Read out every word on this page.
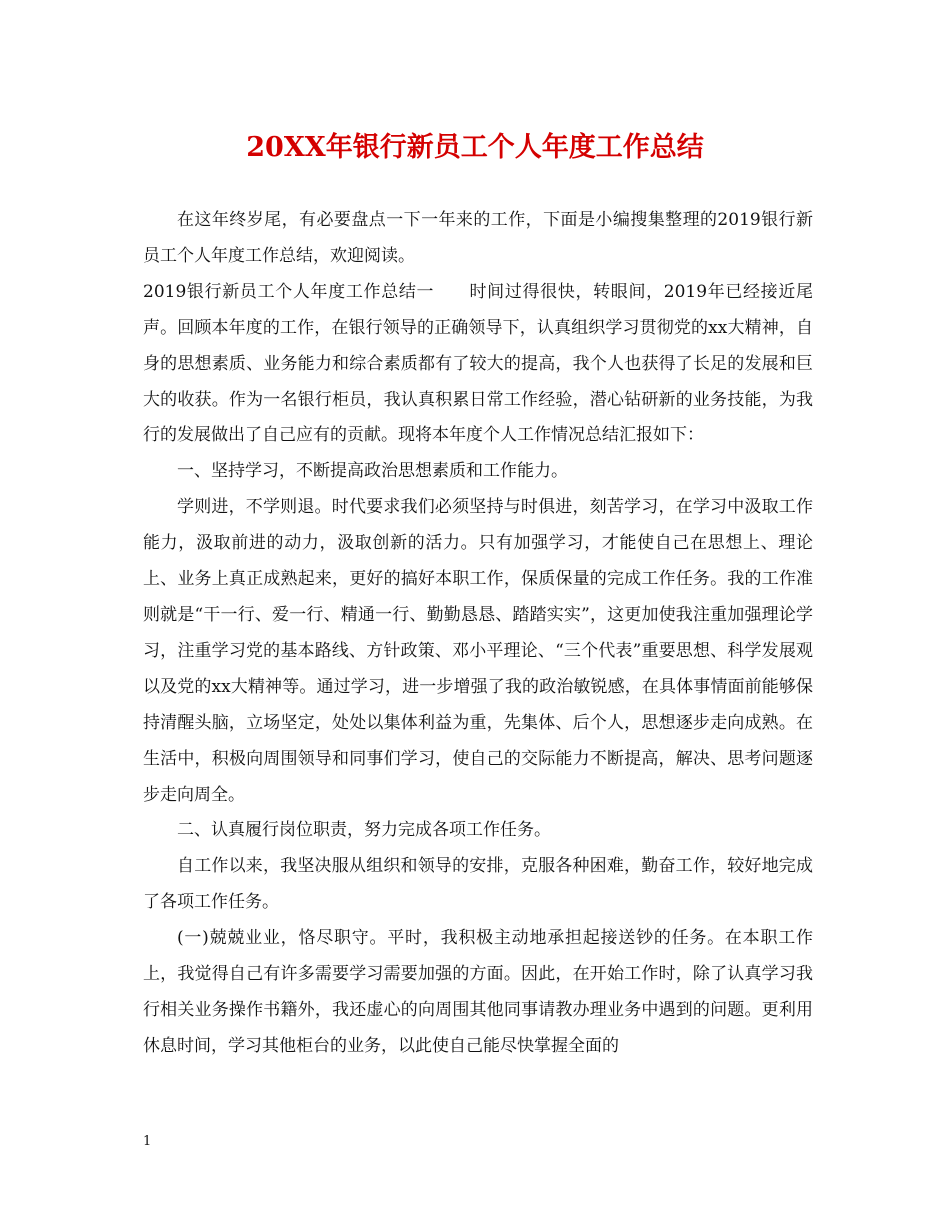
20XX年银行新员工个人年度工作总结

在这年终岁尾，有必要盘点一下一年来的工作，下面是小编搜集整理的2019银行新员工个人年度工作总结，欢迎阅读。

2019银行新员工个人年度工作总结一　　时间过得很快，转眼间，2019年已经接近尾声。回顾本年度的工作，在银行领导的正确领导下，认真组织学习贯彻党的xx大精神，自身的思想素质、业务能力和综合素质都有了较大的提高，我个人也获得了长足的发展和巨大的收获。作为一名银行柜员，我认真积累日常工作经验，潜心钻研新的业务技能，为我行的发展做出了自己应有的贡献。现将本年度个人工作情况总结汇报如下：

一、坚持学习，不断提高政治思想素质和工作能力。

学则进，不学则退。时代要求我们必须坚持与时俱进，刻苦学习，在学习中汲取工作能力，汲取前进的动力，汲取创新的活力。只有加强学习，才能使自己在思想上、理论上、业务上真正成熟起来，更好的搞好本职工作，保质保量的完成工作任务。我的工作准则就是“干一行、爱一行、精通一行、勤勤恳恳、踏踏实实”，这更加使我注重加强理论学习，注重学习党的基本路线、方针政策、邓小平理论、“三个代表”重要思想、科学发展观以及党的xx大精神等。通过学习，进一步增强了我的政治敏锐感，在具体事情面前能够保持清醒头脑，立场坚定，处处以集体利益为重，先集体、后个人，思想逐步走向成熟。在生活中，积极向周围领导和同事们学习，使自己的交际能力不断提高，解决、思考问题逐步走向周全。

二、认真履行岗位职责，努力完成各项工作任务。

自工作以来，我坚决服从组织和领导的安排，克服各种困难，勤奋工作，较好地完成了各项工作任务。

(一)兢兢业业，恪尽职守。平时，我积极主动地承担起接送钞的任务。在本职工作上，我觉得自己有许多需要学习需要加强的方面。因此，在开始工作时，除了认真学习我行相关业务操作书籍外，我还虚心的向周围其他同事请教办理业务中遇到的问题。更利用休息时间，学习其他柜台的业务，以此使自己能尽快掌握全面的

1
